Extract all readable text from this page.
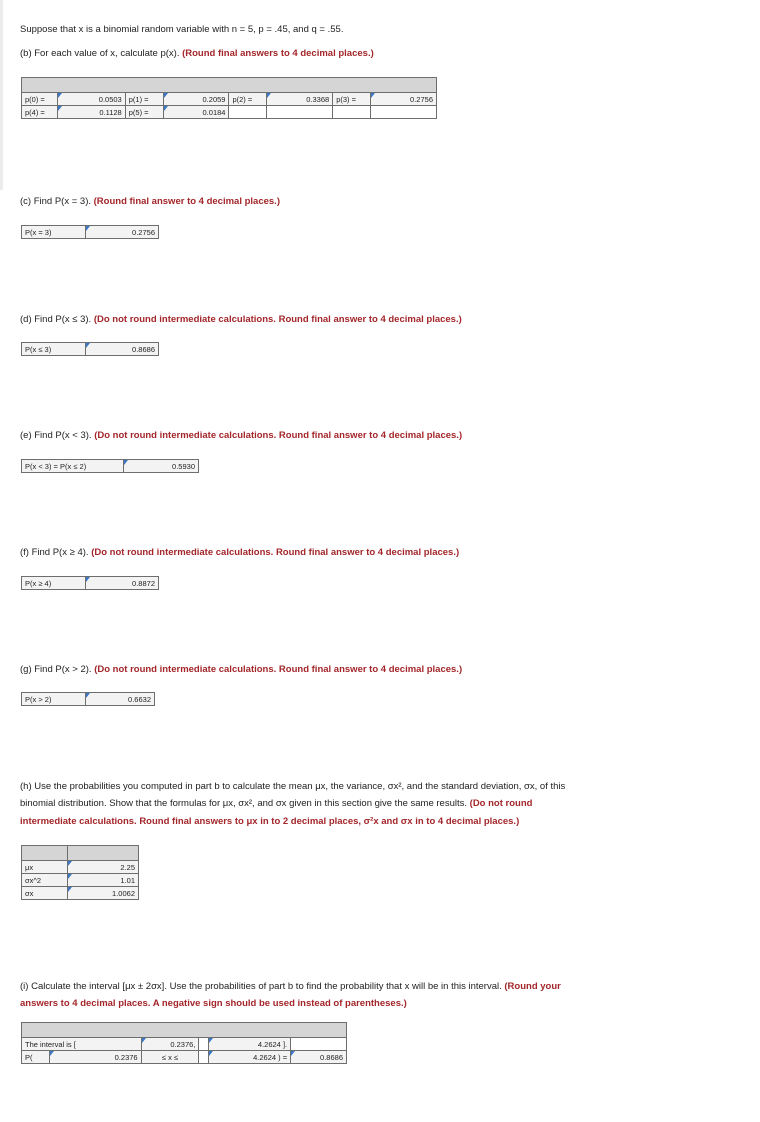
Suppose that x is a binomial random variable with n = 5, p = .45, and q = .55.
(b) For each value of x, calculate p(x). (Round final answers to 4 decimal places.)

p(0) =	0.0503	p(1) =	0.2059	p(2) =	0.3368	p(3) =	0.2756
p(4) =	0.1128	p(5) =	0.0184				
(c) Find P(x = 3). (Round final answer to 4 decimal places.)
P(x = 3)	0.2756
(d) Find P(x ≤ 3). (Do not round intermediate calculations. Round final answer to 4 decimal places.)
P(x ≤ 3)	0.8686
(e) Find P(x < 3). (Do not round intermediate calculations. Round final answer to 4 decimal places.)
P(x < 3) = P(x ≤ 2)	0.5930
(f) Find P(x ≥ 4). (Do not round intermediate calculations. Round final answer to 4 decimal places.)
P(x ≥ 4)	0.8872
(g) Find P(x > 2). (Do not round intermediate calculations. Round final answer to 4 decimal places.)
P(x > 2)	0.6632
(h) Use the probabilities you computed in part b to calculate the mean μx, the variance, σx², and the standard deviation, σx, of this
binomial distribution. Show that the formulas for μx, σx², and σx given in this section give the same results. (Do not round
intermediate calculations. Round final answers to μx in to 2 decimal places, σ²x and σx in to 4 decimal places.)

μx	2.25
σx^2	1.01
σx	1.0062
(i) Calculate the interval [μx ± 2σx]. Use the probabilities of part b to find the probability that x will be in this interval. (Round your
answers to 4 decimal places. A negative sign should be used instead of parentheses.)

The interval is [		0.2376,		4.2624 ].	
P(	0.2376	≤ x ≤		4.2624 ) =	0.8686
